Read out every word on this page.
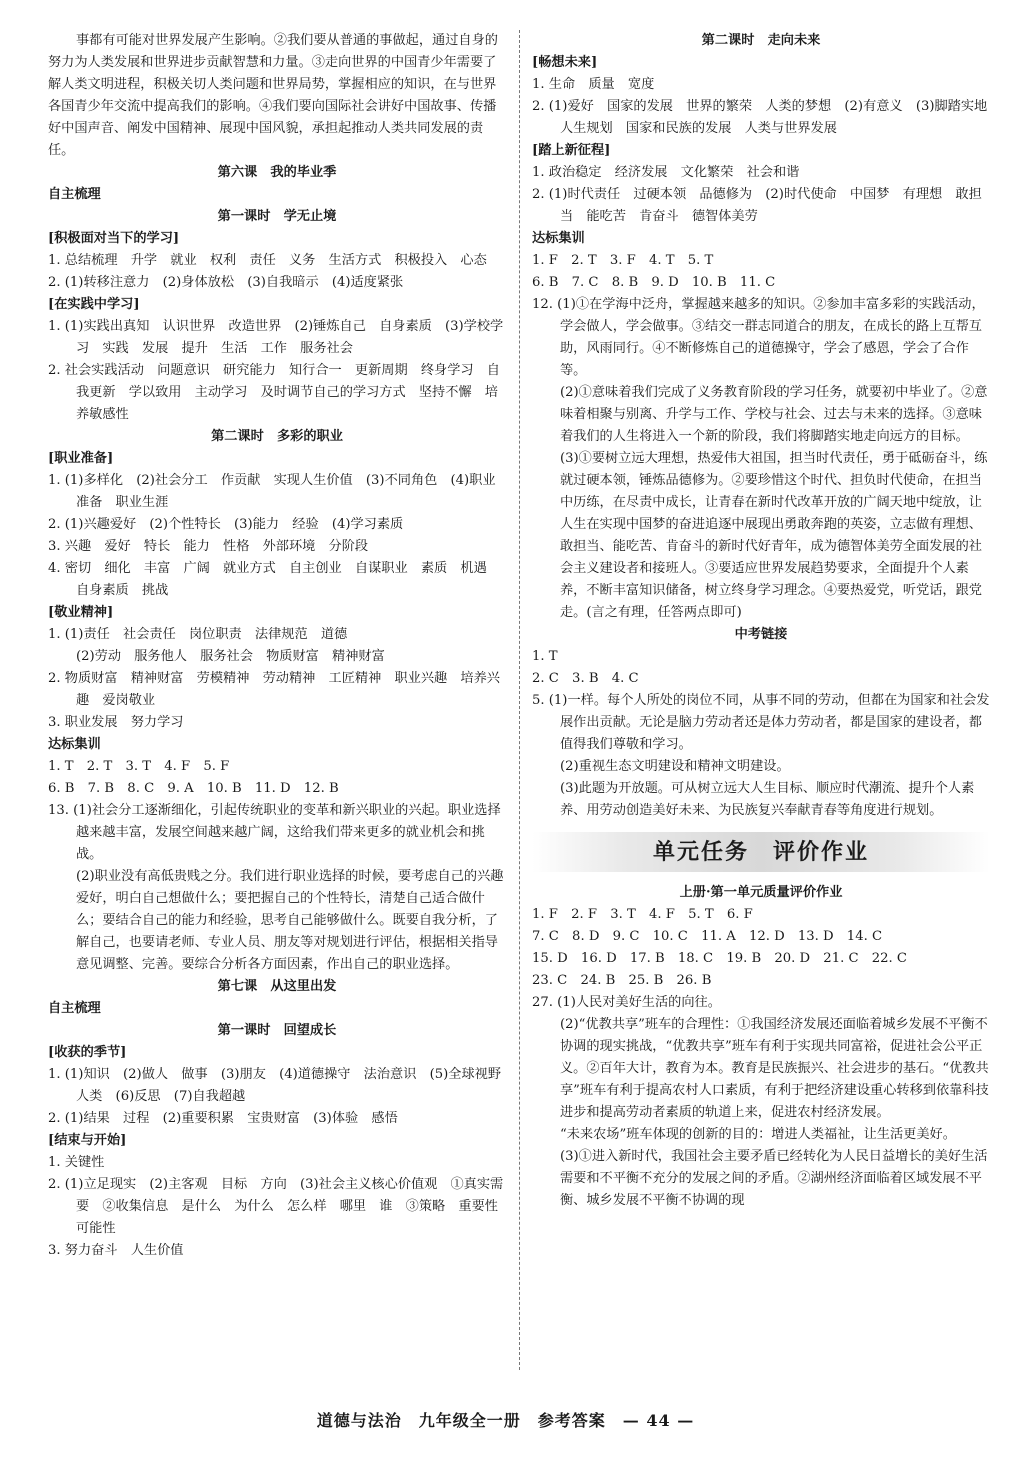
事都有可能对世界发展产生影响。②我们要从普通的事做起，通过自身的努力为人类发展和世界进步贡献智慧和力量。③走向世界的中国青少年需要了解人类文明进程，积极关切人类问题和世界局势，掌握相应的知识，在与世界各国青少年交流中提高我们的影响。④我们要向国际社会讲好中国故事、传播好中国声音、阐发中国精神、展现中国风貌，承担起推动人类共同发展的责任。

第六课　我的毕业季

自主梳理

第一课时　学无止境

[积极面对当下的学习]

1. 总结梳理　升学　就业　权利　责任　义务　生活方式　积极投入　心态

2. (1)转移注意力　(2)身体放松　(3)自我暗示　(4)适度紧张

[在实践中学习]

1. (1)实践出真知　认识世界　改造世界　(2)锤炼自己　自身素质　(3)学校学习　实践　发展　提升　生活　工作　服务社会

2. 社会实践活动　问题意识　研究能力　知行合一　更新周期　终身学习　自我更新　学以致用　主动学习　及时调节自己的学习方式　坚持不懈　培养敏感性

第二课时　多彩的职业

[职业准备]

1. (1)多样化　(2)社会分工　作贡献　实现人生价值　(3)不同角色　(4)职业准备　职业生涯

2. (1)兴趣爱好　(2)个性特长　(3)能力　经验　(4)学习素质

3. 兴趣　爱好　特长　能力　性格　外部环境　分阶段

4. 密切　细化　丰富　广阔　就业方式　自主创业　自谋职业　素质　机遇　自身素质　挑战

[敬业精神]

1. (1)责任　社会责任　岗位职责　法律规范　道德

(2)劳动　服务他人　服务社会　物质财富　精神财富

2. 物质财富　精神财富　劳模精神　劳动精神　工匠精神　职业兴趣　培养兴趣　爱岗敬业

3. 职业发展　努力学习

达标集训

1. T　2. T　3. T　4. F　5. F

6. B　7. B　8. C　9. A　10. B　11. D　12. B

13. (1)社会分工逐渐细化，引起传统职业的变革和新兴职业的兴起。职业选择越来越丰富，发展空间越来越广阔，这给我们带来更多的就业机会和挑战。

(2)职业没有高低贵贱之分。我们进行职业选择的时候，要考虑自己的兴趣爱好，明白自己想做什么；要把握自己的个性特长，清楚自己适合做什么；要结合自己的能力和经验，思考自己能够做什么。既要自我分析，了解自己，也要请老师、专业人员、朋友等对规划进行评估，根据相关指导意见调整、完善。要综合分析各方面因素，作出自己的职业选择。

第七课　从这里出发

自主梳理

第一课时　回望成长

[收获的季节]

1. (1)知识　(2)做人　做事　(3)朋友　(4)道德操守　法治意识　(5)全球视野　人类　(6)反思　(7)自我超越

2. (1)结果　过程　(2)重要积累　宝贵财富　(3)体验　感悟

[结束与开始]

1. 关键性

2. (1)立足现实　(2)主客观　目标　方向　(3)社会主义核心价值观　①真实需要　②收集信息　是什么　为什么　怎么样　哪里　谁　③策略　重要性　可能性

3. 努力奋斗　人生价值

第二课时　走向未来

[畅想未来]

1. 生命　质量　宽度

2. (1)爱好　国家的发展　世界的繁荣　人类的梦想　(2)有意义　(3)脚踏实地　人生规划　国家和民族的发展　人类与世界发展

[踏上新征程]

1. 政治稳定　经济发展　文化繁荣　社会和谐

2. (1)时代责任　过硬本领　品德修为　(2)时代使命　中国梦　有理想　敢担当　能吃苦　肯奋斗　德智体美劳

达标集训

1. F　2. T　3. F　4. T　5. T

6. B　7. C　8. B　9. D　10. B　11. C

12. (1)①在学海中泛舟，掌握越来越多的知识。②参加丰富多彩的实践活动，学会做人，学会做事。③结交一群志同道合的朋友，在成长的路上互帮互助，风雨同行。④不断修炼自己的道德操守，学会了感恩，学会了合作等。

(2)①意味着我们完成了义务教育阶段的学习任务，就要初中毕业了。②意味着相聚与别离、升学与工作、学校与社会、过去与未来的选择。③意味着我们的人生将进入一个新的阶段，我们将脚踏实地走向远方的目标。

(3)①要树立远大理想，热爱伟大祖国，担当时代责任，勇于砥砺奋斗，练就过硬本领，锤炼品德修为。②要珍惜这个时代、担负时代使命，在担当中历练，在尽责中成长，让青春在新时代改革开放的广阔天地中绽放，让人生在实现中国梦的奋进追逐中展现出勇敢奔跑的英姿，立志做有理想、敢担当、能吃苦、肯奋斗的新时代好青年，成为德智体美劳全面发展的社会主义建设者和接班人。③要适应世界发展趋势要求，全面提升个人素养，不断丰富知识储备，树立终身学习理念。④要热爱党，听党话，跟党走。(言之有理，任答两点即可)

中考链接

1. T

2. C　3. B　4. C

5. (1)一样。每个人所处的岗位不同，从事不同的劳动，但都在为国家和社会发展作出贡献。无论是脑力劳动者还是体力劳动者，都是国家的建设者，都值得我们尊敬和学习。

(2)重视生态文明建设和精神文明建设。

(3)此题为开放题。可从树立远大人生目标、顺应时代潮流、提升个人素养、用劳动创造美好未来、为民族复兴奉献青春等角度进行规划。

单元任务　评价作业

上册·第一单元质量评价作业

1. F　2. F　3. T　4. F　5. T　6. F

7. C　8. D　9. C　10. C　11. A　12. D　13. D　14. C

15. D　16. D　17. B　18. C　19. B　20. D　21. C　22. C

23. C　24. B　25. B　26. B

27. (1)人民对美好生活的向往。

(2)“优教共享”班车的合理性：①我国经济发展还面临着城乡发展不平衡不协调的现实挑战，“优教共享”班车有利于实现共同富裕，促进社会公平正义。②百年大计，教育为本。教育是民族振兴、社会进步的基石。“优教共享”班车有利于提高农村人口素质，有利于把经济建设重心转移到依靠科技进步和提高劳动者素质的轨道上来，促进农村经济发展。

“未来农场”班车体现的创新的目的：增进人类福祉，让生活更美好。

(3)①进入新时代，我国社会主要矛盾已经转化为人民日益增长的美好生活需要和不平衡不充分的发展之间的矛盾。②湖州经济面临着区域发展不平衡、城乡发展不平衡不协调的现

道德与法治　九年级全一册　参考答案　— 44 —
